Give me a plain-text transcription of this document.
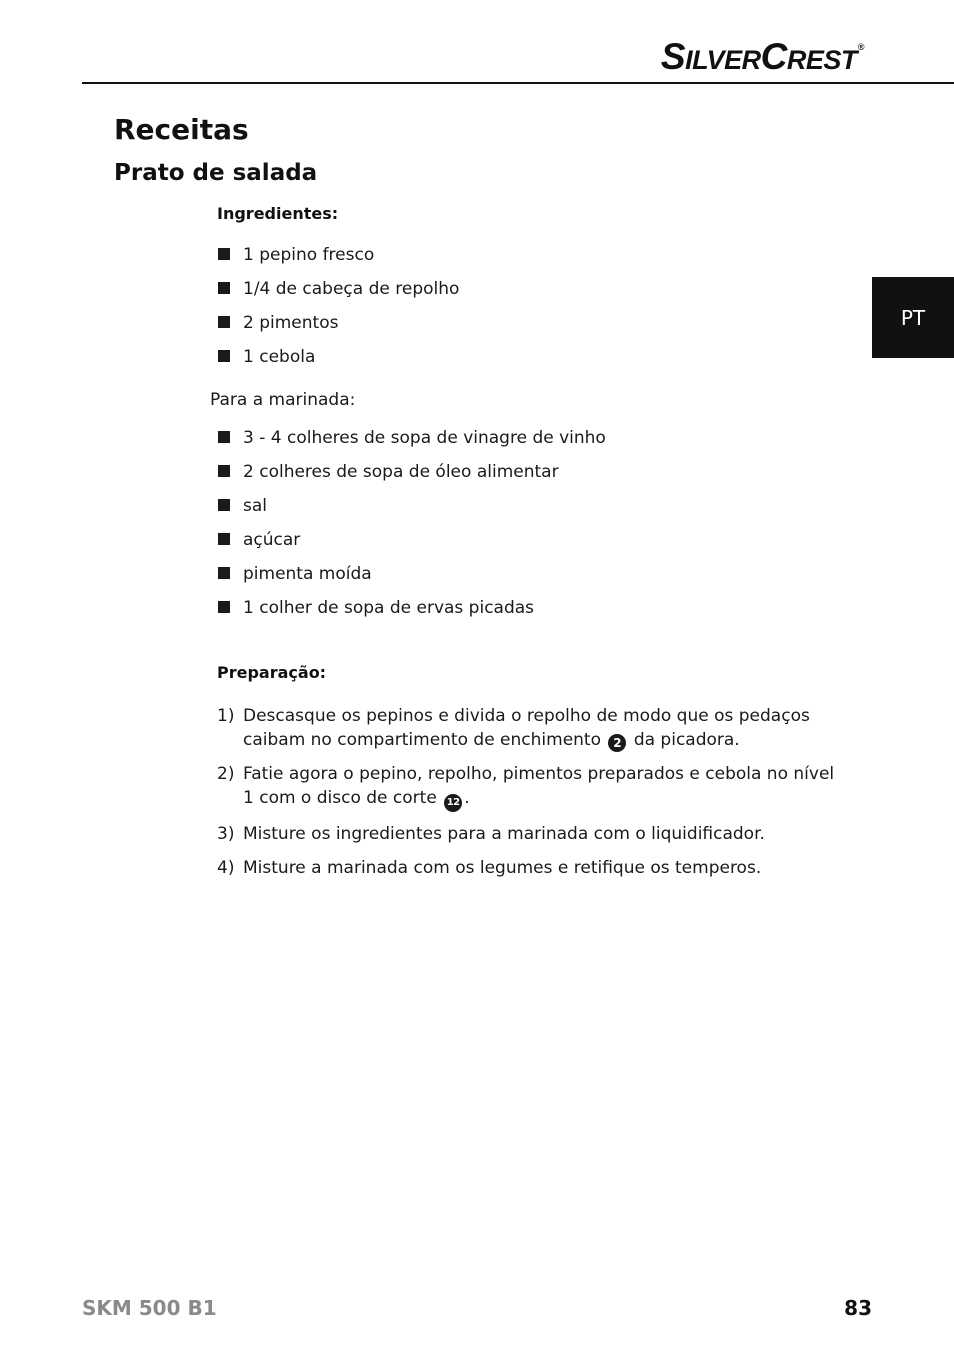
SILVERCREST®
PT
Receitas
Prato de salada

Ingredientes:

1 pepino fresco
1/4 de cabeça de repolho
2 pimentos
1 cebola

Para a marinada:

3 - 4 colheres de sopa de vinagre de vinho
2 colheres de sopa de óleo alimentar
sal
açúcar
pimenta moída
1 colher de sopa de ervas picadas

Preparação:

1) Descasque os pepinos e divida o repolho de modo que os pedaços caibam no compartimento de enchimento 2 da picadora.
2) Fatie agora o pepino, repolho, pimentos preparados e cebola no nível 1 com o disco de corte 12 .
3) Misture os ingredientes para a marinada com o liquidificador.
4) Misture a marinada com os legumes e retifique os temperos.
SKM 500 B1	83
